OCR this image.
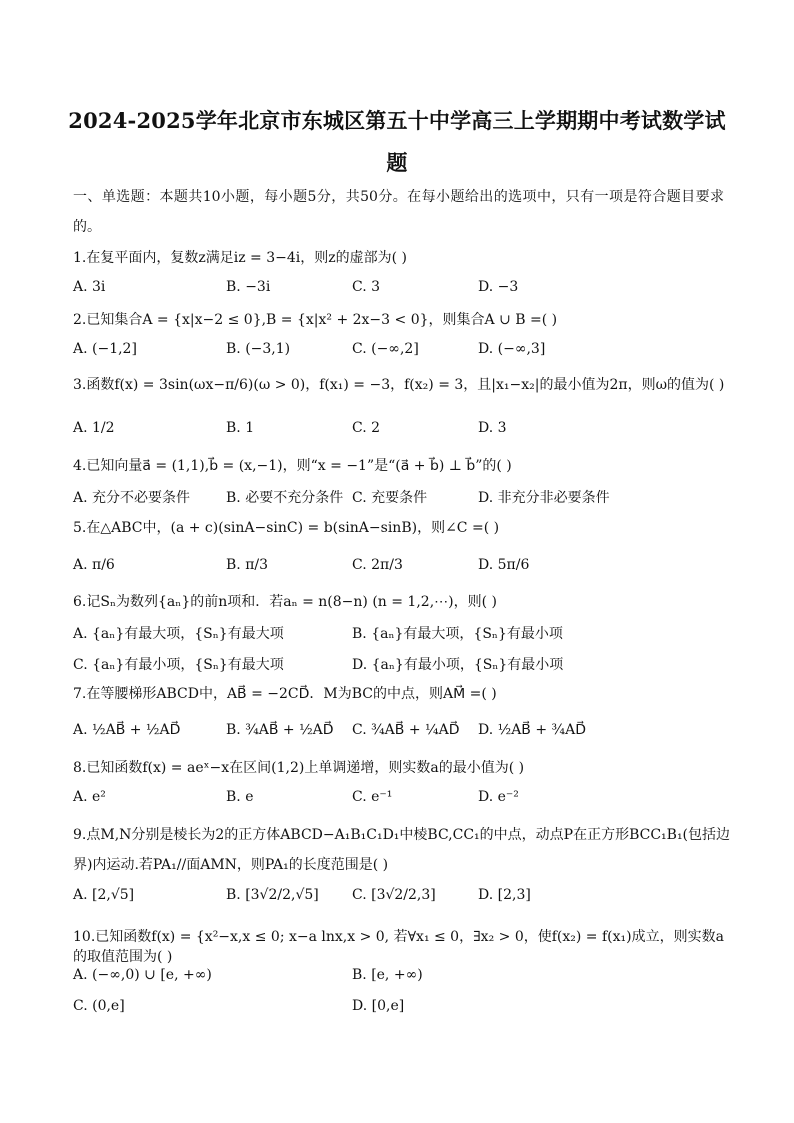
2024-2025学年北京市东城区第五十中学高三上学期期中考试数学试题
一、单选题：本题共10小题，每小题5分，共50分。在每小题给出的选项中，只有一项是符合题目要求的。
1.在复平面内，复数z满足iz = 3−4i，则z的虚部为( )
A. 3i	B. −3i	C. 3	D. −3
2.已知集合A = {x|x−2 ≤ 0},B = {x|x² + 2x−3 < 0}，则集合A ∪ B =( )
A. (−1,2]	B. (−3,1)	C. (−∞,2]	D. (−∞,3]
3.函数f(x) = 3sin(ωx−π/6)(ω > 0)，f(x₁) = −3，f(x₂) = 3，且|x₁−x₂|的最小值为2π，则ω的值为( )
A. 1/2	B. 1	C. 2	D. 3
4.已知向量a⃗ = (1,1),b⃗ = (x,−1)，则“x = −1”是“(a⃗ + b⃗) ⊥ b⃗”的( )
A. 充分不必要条件	B. 必要不充分条件 C. 充要条件	D. 非充分非必要条件
5.在△ABC中，(a + c)(sinA−sinC) = b(sinA−sinB)，则∠C =( )
A. π/6	B. π/3	C. 2π/3	D. 5π/6
6.记Sₙ为数列{aₙ}的前n项和．若aₙ = n(8−n) (n = 1,2,⋯)，则( )
A. {aₙ}有最大项，{Sₙ}有最大项	B. {aₙ}有最大项，{Sₙ}有最小项
C. {aₙ}有最小项，{Sₙ}有最大项	D. {aₙ}有最小项，{Sₙ}有最小项
7.在等腰梯形ABCD中，AB⃗ = −2CD⃗．M为BC的中点，则AM⃗ =( )
A. ½AB⃗ + ½AD⃗	B. ¾AB⃗ + ½AD⃗ C. ¾AB⃗ + ¼AD⃗ D. ½AB⃗ + ¾AD⃗
8.已知函数f(x) = aeˣ−x在区间(1,2)上单调递增，则实数a的最小值为( )
A. e²	B. e	C. e⁻¹	D. e⁻²
9.点M,N分别是棱长为2的正方体ABCD−A₁B₁C₁D₁中棱BC,CC₁的中点，动点P在正方形BCC₁B₁(包括边界)内运动.若PA₁//面AMN，则PA₁的长度范围是( )
A. [2,√5]	B. [3√2/2,√5] C. [3√2/2,3]	D. [2,3]
10.已知函数f(x) = {x²−x,x ≤ 0; x−a lnx,x > 0, 若∀x₁ ≤ 0，∃x₂ > 0，使f(x₂) = f(x₁)成立，则实数a的取值范围为( )
A. (−∞,0) ∪ [e, +∞)	B. [e, +∞)
C. (0,e]	D. [0,e]
